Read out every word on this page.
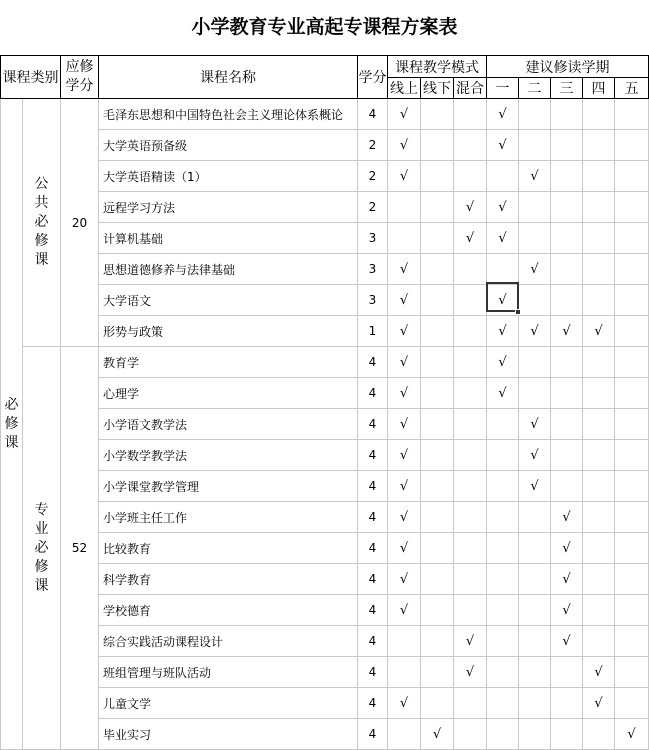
小学教育专业高起专课程方案表
课程类别		应修学分	课程名称	学分	课程教学模式			建议修读学期				
					线上	线下	混合	一	二	三	四	五
必修课	公共必修课	20	毛泽东思想和中国特色社会主义理论体系概论	4	√			√				
			大学英语预备级	2	√			√				
			大学英语精读（1）	2	√				√			
			远程学习方法	2			√	√				
			计算机基础	3			√	√				
			思想道德修养与法律基础	3	√				√			
			大学语文	3	√			√				
			形势与政策	1	√			√	√	√	√	
	专业必修课	52	教育学	4	√			√				
			心理学	4	√			√				
			小学语文教学法	4	√				√			
			小学数学教学法	4	√				√			
			小学课堂教学管理	4	√				√			
			小学班主任工作	4	√					√		
			比较教育	4	√					√		
			科学教育	4	√					√		
			学校德育	4	√					√		
			综合实践活动课程设计	4			√			√		
			班组管理与班队活动	4			√				√	
			儿童文学	4	√						√	
			毕业实习	4		√						√
